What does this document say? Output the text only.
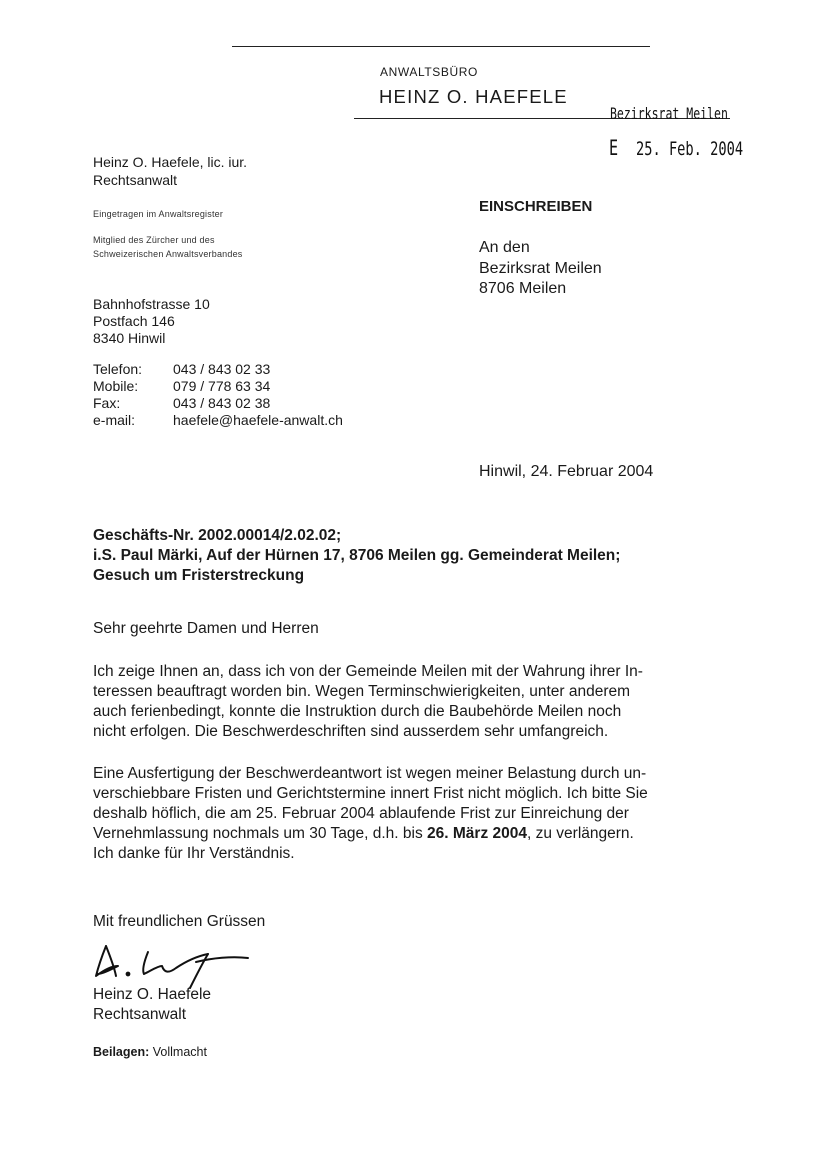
ANWALTSBÜRO
HEINZ O. HAEFELE
Bezirksrat Meilen
E 25. Feb. 2004
Heinz O. Haefele, lic. iur.
Rechtsanwalt
Eingetragen im Anwaltsregister
Mitglied des Zürcher und des
Schweizerischen Anwaltsverbandes
Bahnhofstrasse 10
Postfach 146
8340 Hinwil
Telefon: 043 / 843 02 33
Mobile: 079 / 778 63 34
Fax:	043 / 843 02 38
e-mail:	haefele@haefele-anwalt.ch
EINSCHREIBEN
An den
Bezirksrat Meilen
8706 Meilen
Hinwil, 24. Februar 2004
Geschäfts-Nr. 2002.00014/2.02.02;
i.S. Paul Märki, Auf der Hürnen 17, 8706 Meilen gg. Gemeinderat Meilen;
Gesuch um Fristerstreckung
Sehr geehrte Damen und Herren
Ich zeige Ihnen an, dass ich von der Gemeinde Meilen mit der Wahrung ihrer In-
teressen beauftragt worden bin. Wegen Terminschwierigkeiten, unter anderem
auch ferienbedingt, konnte die Instruktion durch die Baubehörde Meilen noch
nicht erfolgen. Die Beschwerdeschriften sind ausserdem sehr umfangreich.
Eine Ausfertigung der Beschwerdeantwort ist wegen meiner Belastung durch un-
verschiebbare Fristen und Gerichtstermine innert Frist nicht möglich. Ich bitte Sie
deshalb höflich, die am 25. Februar 2004 ablaufende Frist zur Einreichung der
Vernehmlassung nochmals um 30 Tage, d.h. bis 26. März 2004, zu verlängern.
Ich danke für Ihr Verständnis.
Mit freundlichen Grüssen
Heinz O. Haefele
Rechtsanwalt
Beilagen: Vollmacht
